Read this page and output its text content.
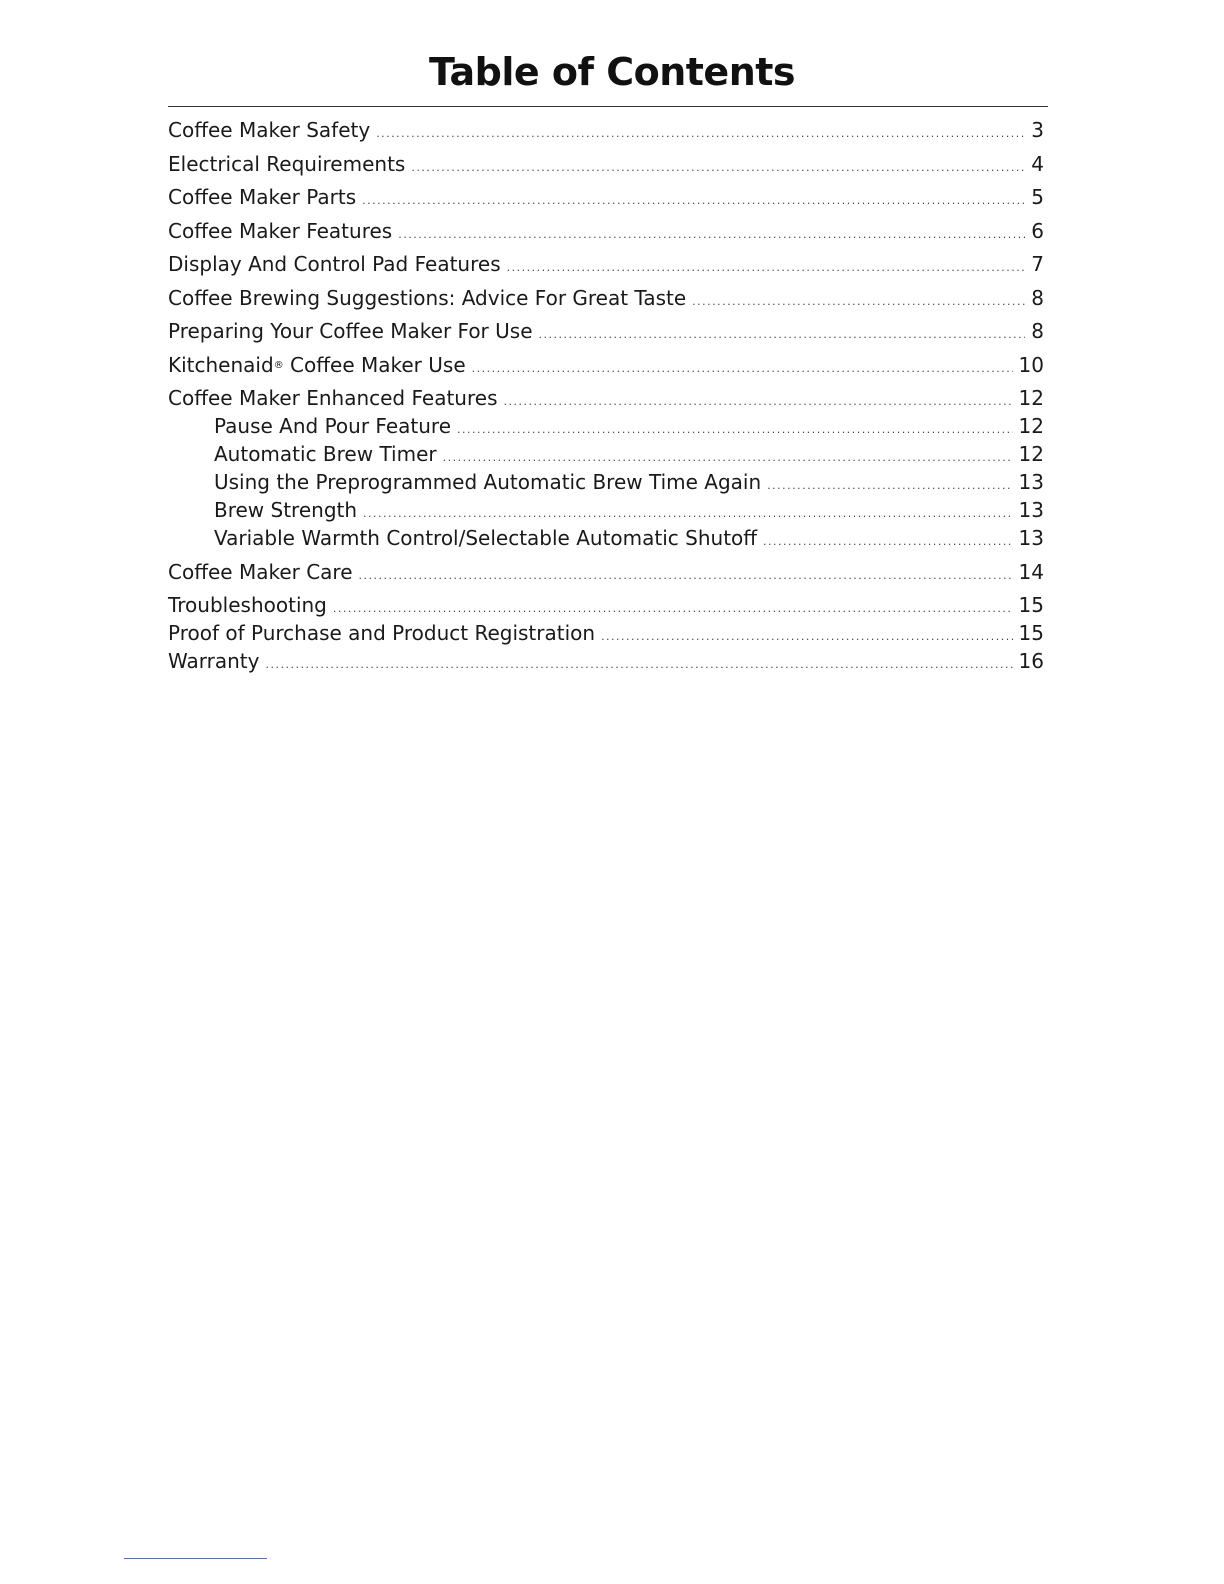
Table of Contents
Coffee Maker Safety .....	3
Electrical Requirements .....	4
Coffee Maker Parts .....	5
Coffee Maker Features .....	6
Display And Control Pad Features .....	7
Coffee Brewing Suggestions: Advice For Great Taste .....	8
Preparing Your Coffee Maker For Use .....	8
Kitchenaid® Coffee Maker Use .....	10
Coffee Maker Enhanced Features .....	12
Pause And Pour Feature .....	12
Automatic Brew Timer .....	12
Using the Preprogrammed Automatic Brew Time Again .....	13
Brew Strength .....	13
Variable Warmth Control/Selectable Automatic Shutoff .....	13
Coffee Maker Care .....	14
Troubleshooting .....	15
Proof of Purchase and Product Registration .....	15
Warranty .....	16
